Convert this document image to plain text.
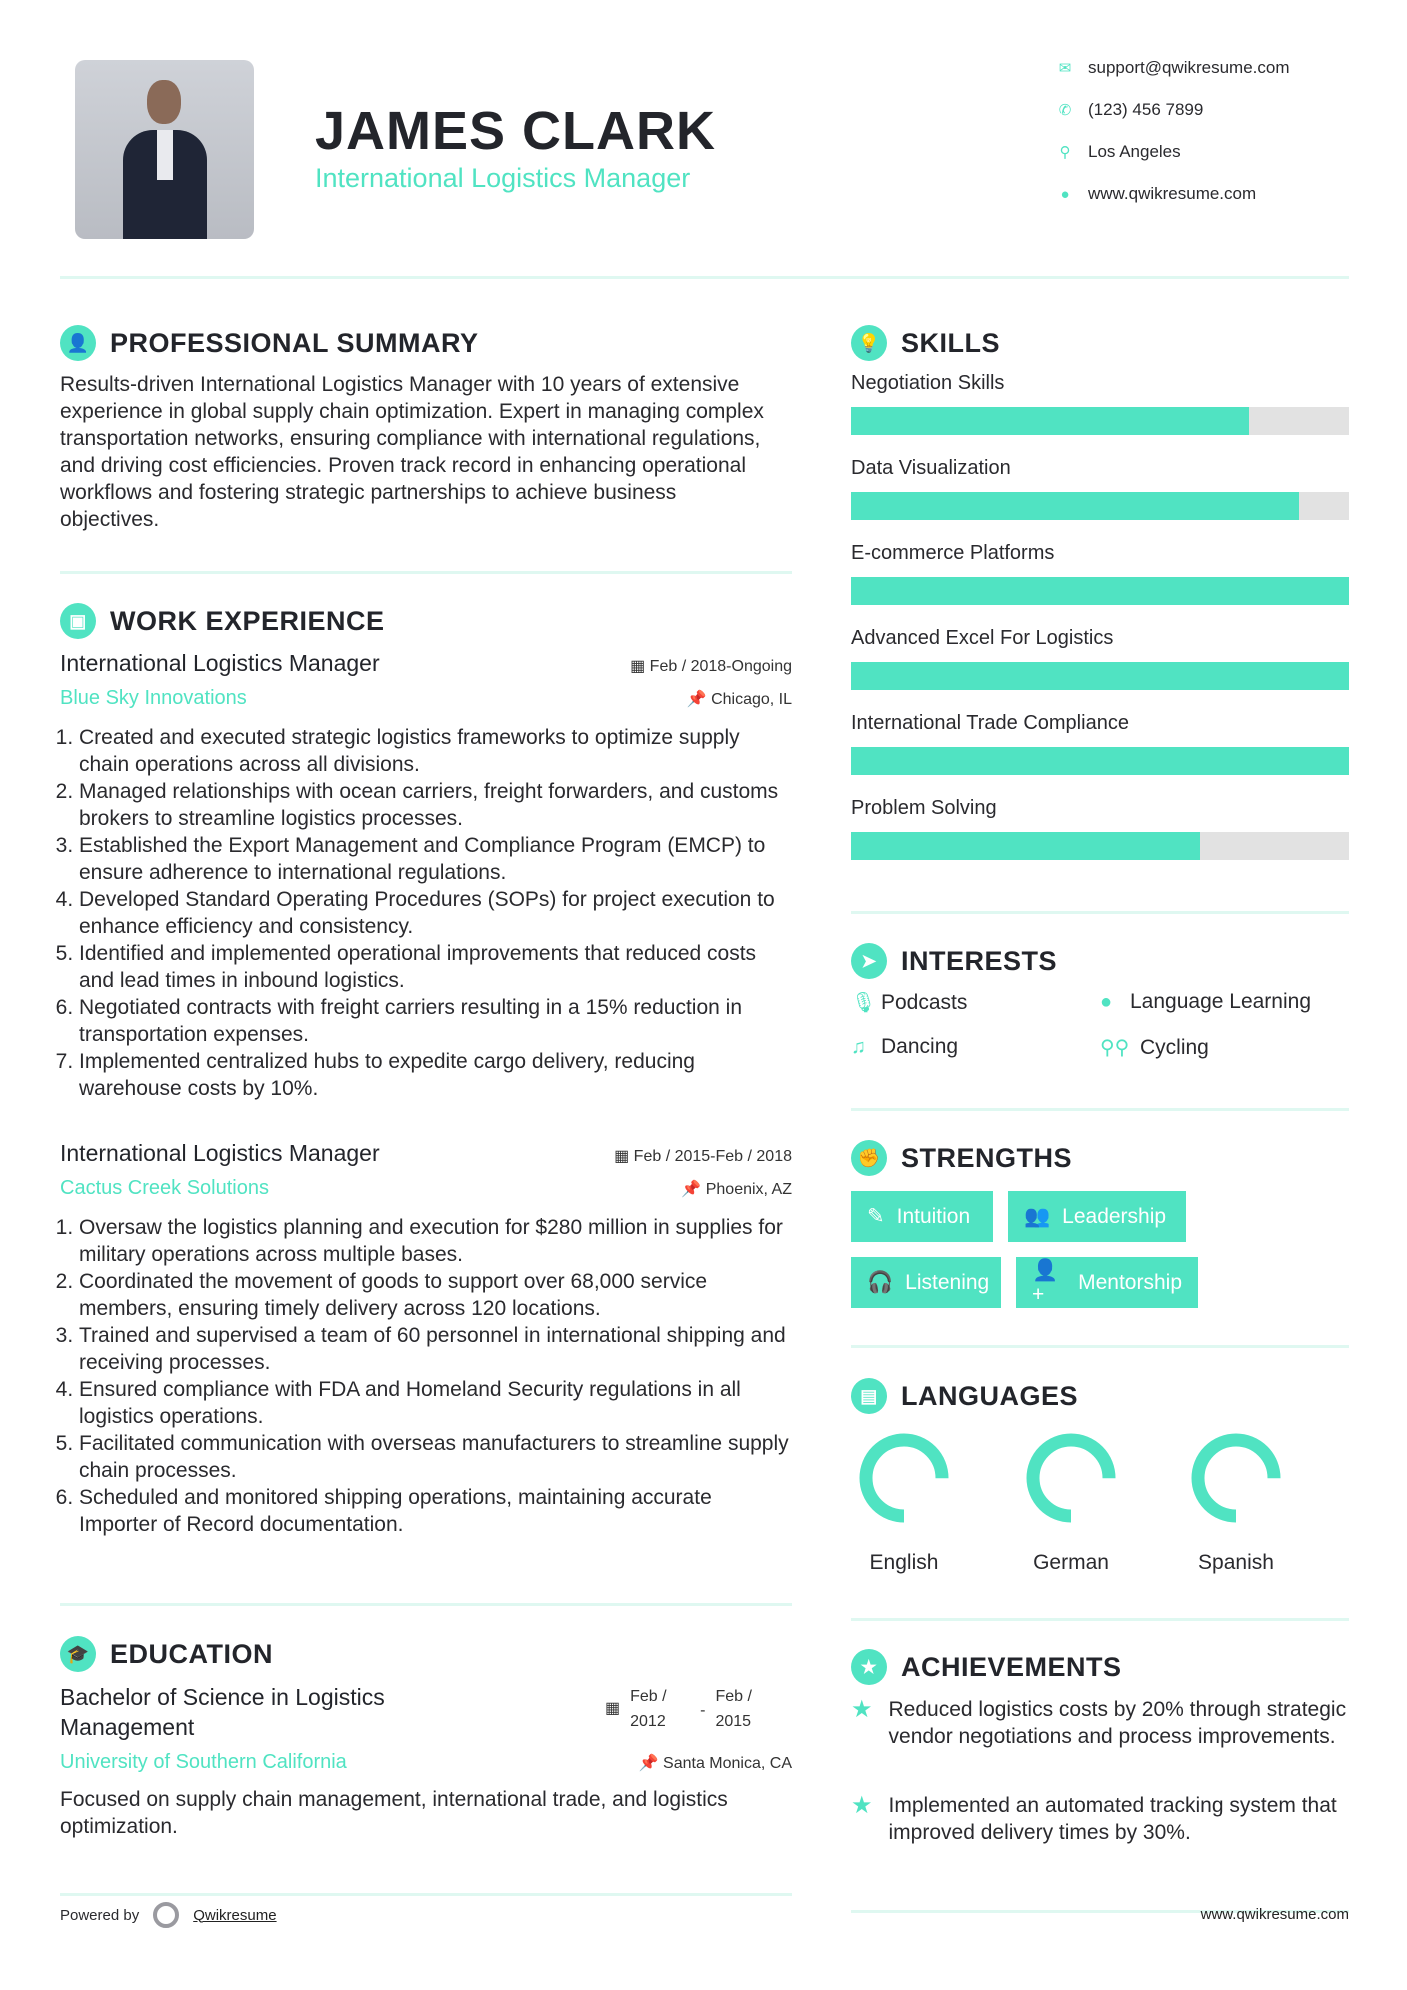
JAMES CLARK
International Logistics Manager
✉ support@qwikresume.com
✆ (123) 456 7899
⚲ Los Angeles
● www.qwikresume.com
👤 PROFESSIONAL SUMMARY
Results-driven International Logistics Manager with 10 years of extensive experience in global supply chain optimization. Expert in managing complex transportation networks, ensuring compliance with international regulations, and driving cost efficiencies. Proven track record in enhancing operational workflows and fostering strategic partnerships to achieve business objectives.
▣ WORK EXPERIENCE
International Logistics Manager	▦ Feb / 2018-Ongoing
Blue Sky Innovations	📌 Chicago, IL
1. Created and executed strategic logistics frameworks to optimize supply chain operations across all divisions.
2. Managed relationships with ocean carriers, freight forwarders, and customs brokers to streamline logistics processes.
3. Established the Export Management and Compliance Program (EMCP) to ensure adherence to international regulations.
4. Developed Standard Operating Procedures (SOPs) for project execution to enhance efficiency and consistency.
5. Identified and implemented operational improvements that reduced costs and lead times in inbound logistics.
6. Negotiated contracts with freight carriers resulting in a 15% reduction in transportation expenses.
7. Implemented centralized hubs to expedite cargo delivery, reducing warehouse costs by 10%.
International Logistics Manager	▦ Feb / 2015-Feb / 2018
Cactus Creek Solutions	📌 Phoenix, AZ
1. Oversaw the logistics planning and execution for $280 million in supplies for military operations across multiple bases.
2. Coordinated the movement of goods to support over 68,000 service members, ensuring timely delivery across 120 locations.
3. Trained and supervised a team of 60 personnel in international shipping and receiving processes.
4. Ensured compliance with FDA and Homeland Security regulations in all logistics operations.
5. Facilitated communication with overseas manufacturers to streamline supply chain processes.
6. Scheduled and monitored shipping operations, maintaining accurate Importer of Record documentation.
🎓 EDUCATION
Bachelor of Science in Logistics Management
▦
Feb / 2012
-
Feb / 2015
University of Southern California	📌 Santa Monica, CA
Focused on supply chain management, international trade, and logistics optimization.
Powered by	Qwikresume
💡 SKILLS
Negotiation Skills
Data Visualization
E-commerce Platforms
Advanced Excel For Logistics
International Trade Compliance
Problem Solving
➤ INTERESTS
🎙 Podcasts	● Language Learning
♫ Dancing	⚲⚲ Cycling
✊ STRENGTHS
✎ Intuition	👥 Leadership
🎧 Listening
👤+
Mentorship
▤ LANGUAGES
English	German	Spanish
★ ACHIEVEMENTS
★ Reduced logistics costs by 20% through strategic vendor negotiations and process improvements.
★ Implemented an automated tracking system that improved delivery times by 30%.
www.qwikresume.com
